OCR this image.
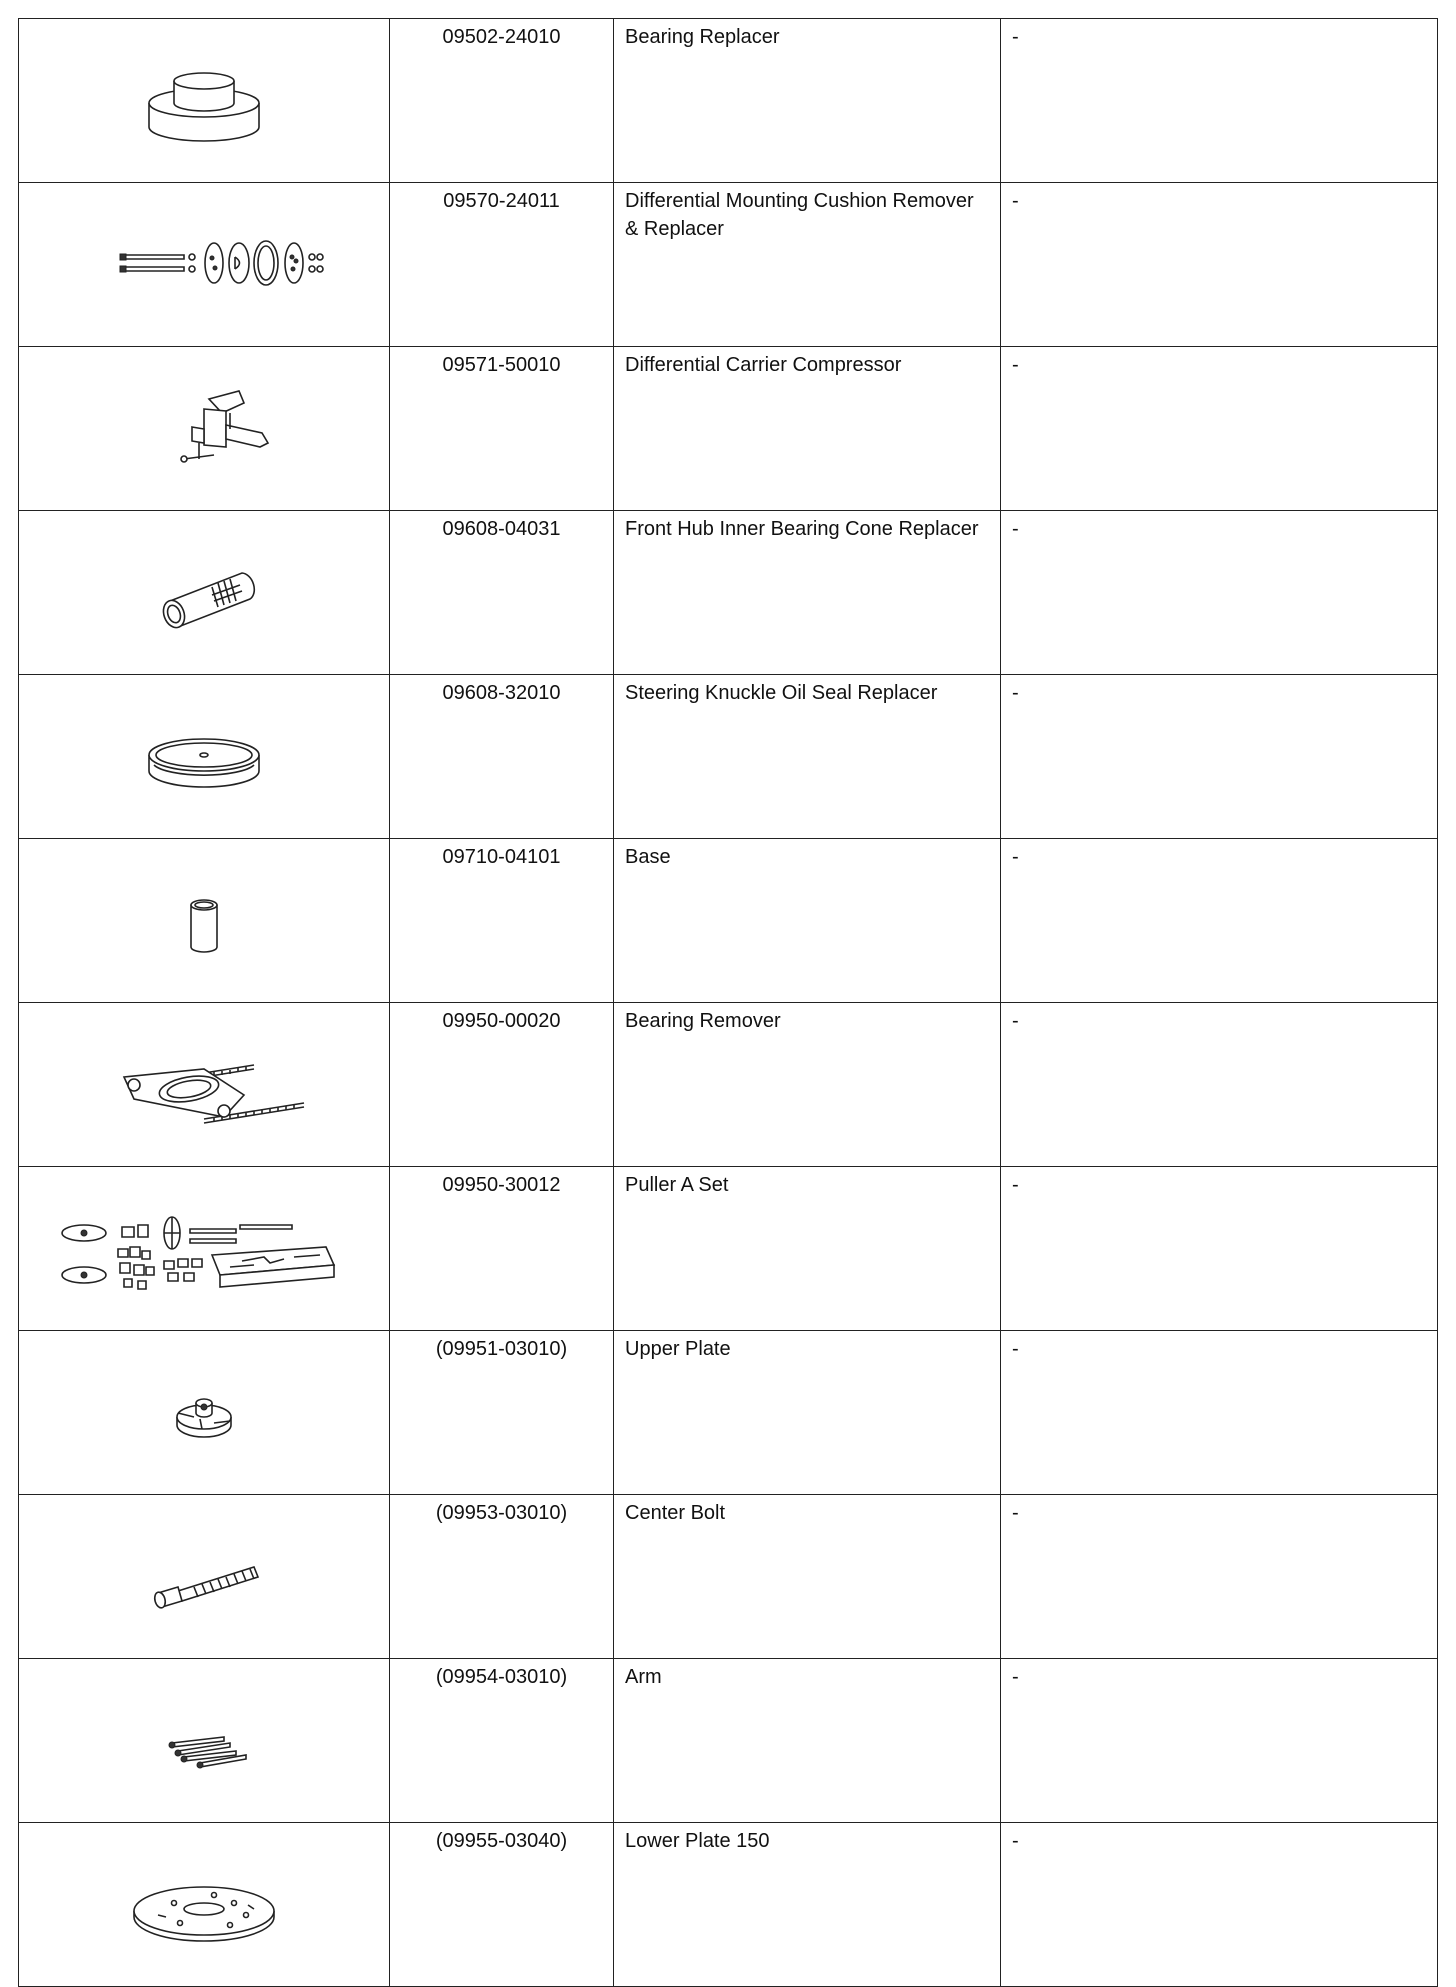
	09502-24010	Bearing Replacer	-

	09570-24011	Differential Mounting Cushion Remover & Replacer	-

	09571-50010	Differential Carrier Compressor	-

	09608-04031	Front Hub Inner Bearing Cone Replacer	-

	09608-32010	Steering Knuckle Oil Seal Replacer	-

	09710-04101	Base	-

	09950-00020	Bearing Remover	-

	09950-30012	Puller A Set	-

	(09951-03010)	Upper Plate	-

	(09953-03010)	Center Bolt	-

	(09954-03010)	Arm	-

	(09955-03040)	Lower Plate 150	-
